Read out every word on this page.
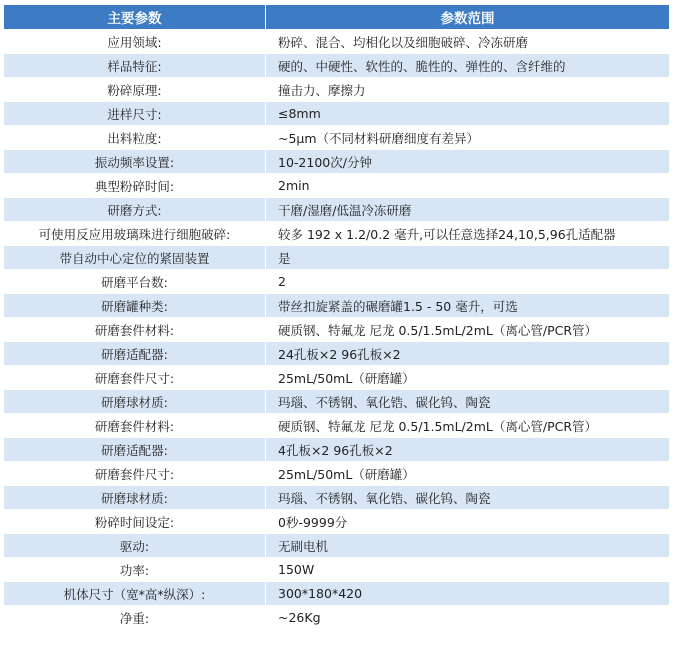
主要参数	参数范围
应用领域:	粉碎、混合、均相化以及细胞破碎、冷冻研磨
样品特征:	硬的、中硬性、软性的、脆性的、弹性的、含纤维的
粉碎原理:	撞击力、摩擦力
进样尺寸:	≤8mm
出料粒度:	~5μm（不同材料研磨细度有差异）
振动频率设置:	10-2100次/分钟
典型粉碎时间:	2min
研磨方式:	干磨/湿磨/低温冷冻研磨
可使用反应用玻璃珠进行细胞破碎:	较多 192 x 1.2/0.2 毫升,可以任意选择24,10,5,96孔适配器
带自动中心定位的紧固装置	是
研磨平台数:	2
研磨罐种类:	带丝扣旋紧盖的碾磨罐1.5 - 50 毫升，可选
研磨套件材料:	硬质钢、特氟龙 尼龙 0.5/1.5mL/2mL（离心管/PCR管）
研磨适配器:	24孔板×2 96孔板×2
研磨套件尺寸:	25mL/50mL（研磨罐）
研磨球材质:	玛瑙、不锈钢、氧化锆、碳化钨、陶瓷
研磨套件材料:	硬质钢、特氟龙 尼龙 0.5/1.5mL/2mL（离心管/PCR管）
研磨适配器:	4孔板×2 96孔板×2
研磨套件尺寸:	25mL/50mL（研磨罐）
研磨球材质:	玛瑙、不锈钢、氧化锆、碳化钨、陶瓷
粉碎时间设定:	0秒-9999分
驱动:	无刷电机
功率:	150W
机体尺寸（宽*高*纵深）:	300*180*420
净重:	~26Kg
